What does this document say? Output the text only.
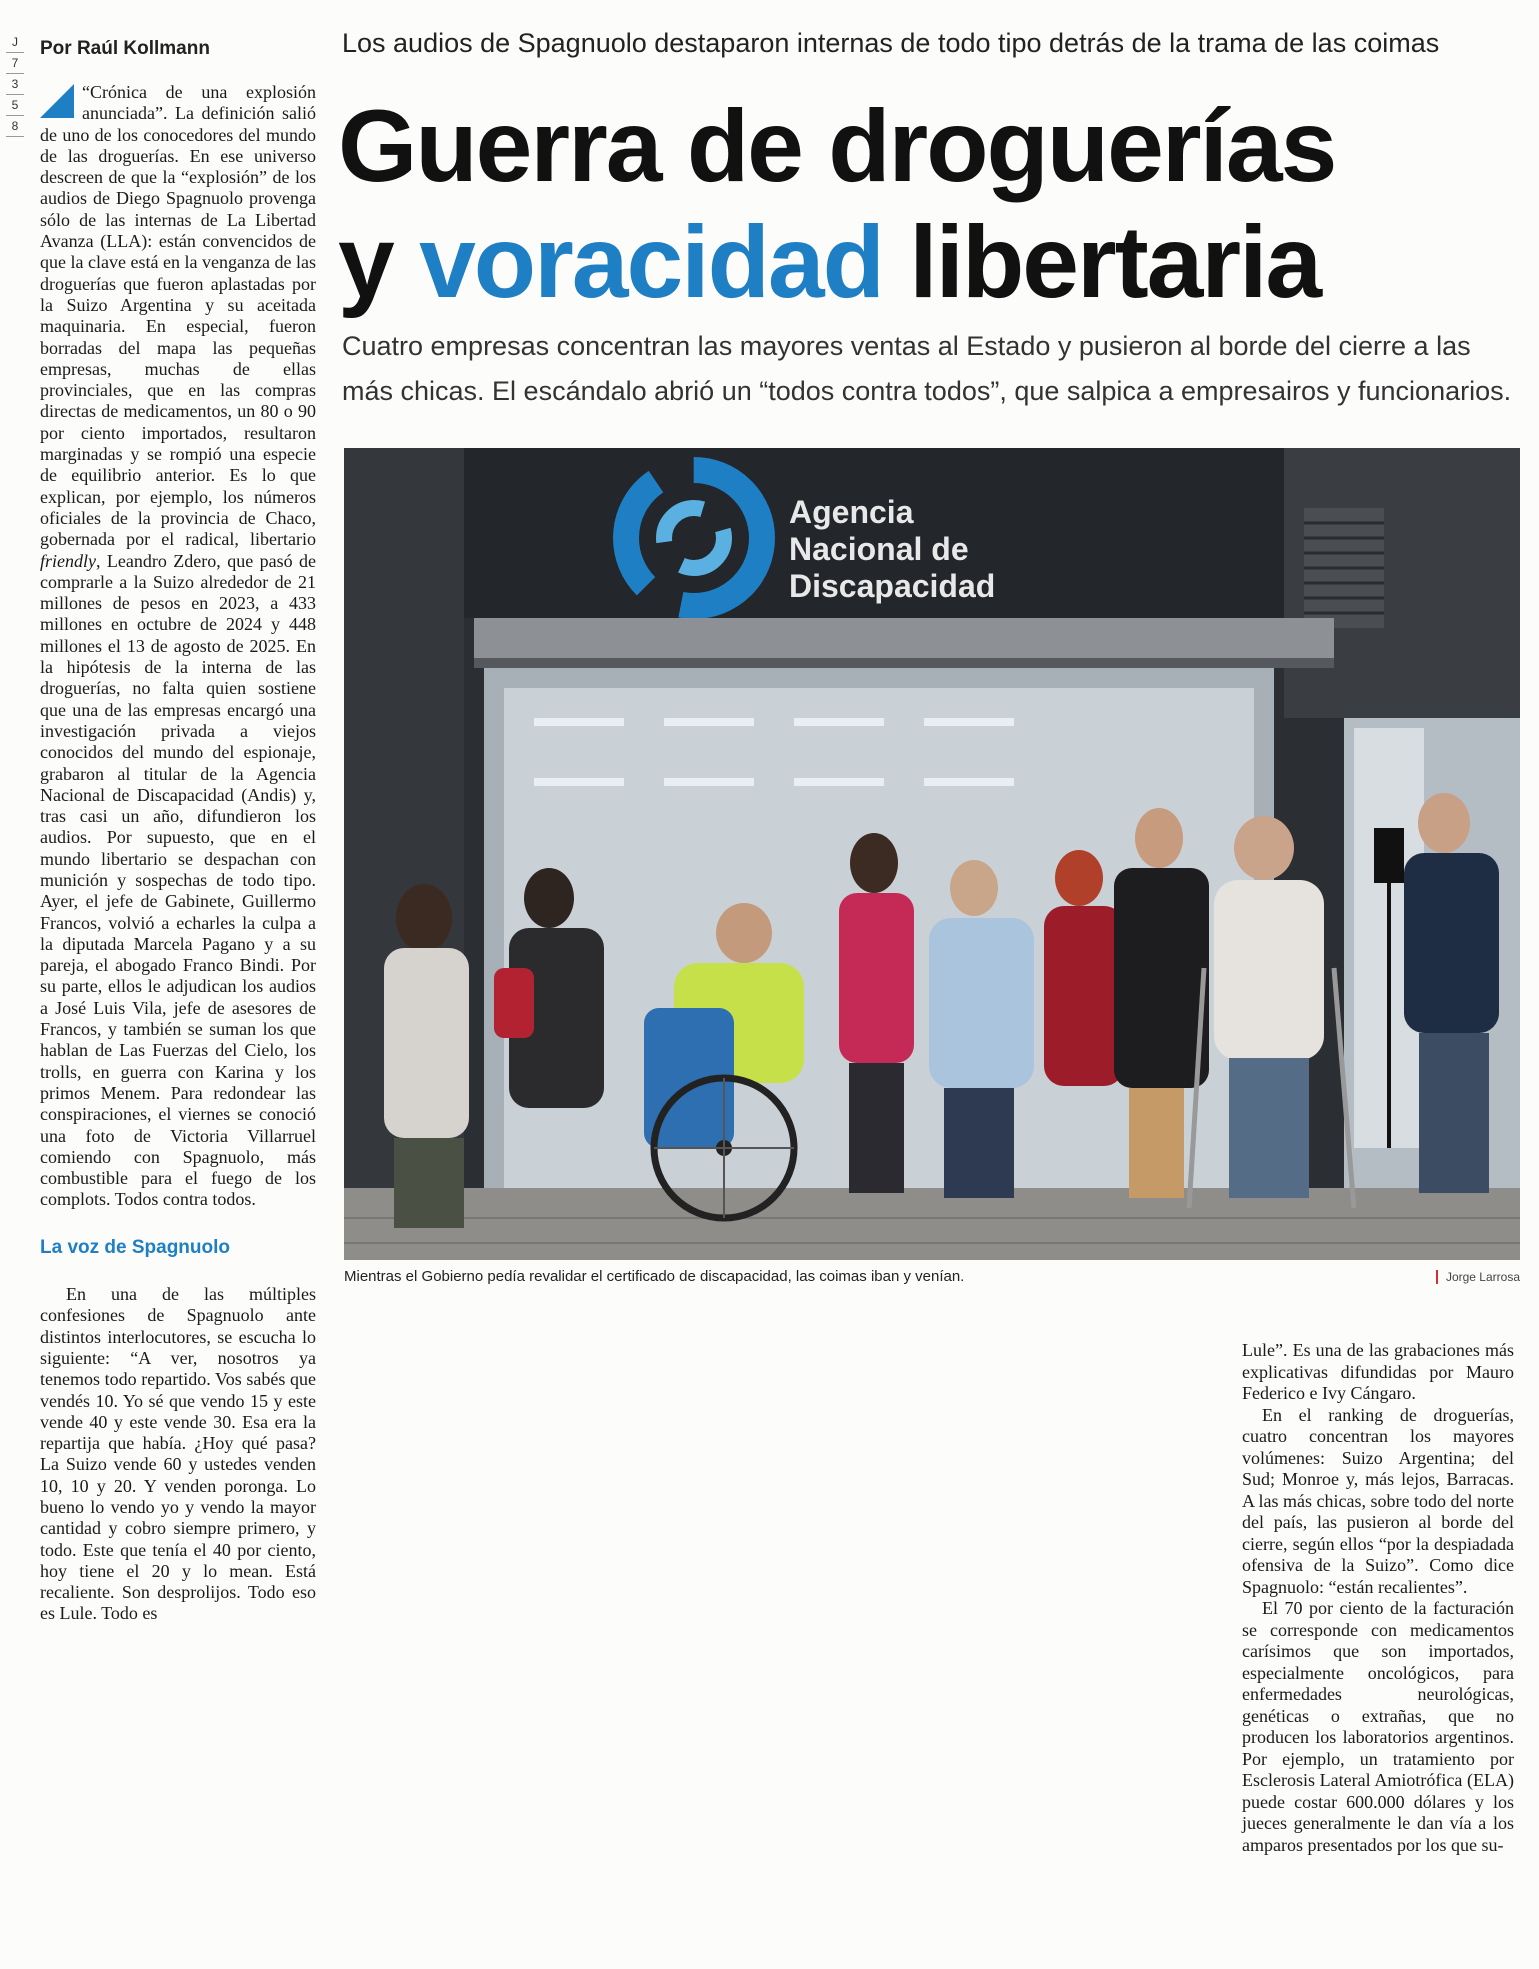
J
7
3
5
8
Por Raúl Kollmann

“Crónica de una explosión anunciada”. La definición salió de uno de los conocedores del mundo de las droguerías. En ese universo descreen de que la “explosión” de los audios de Diego Spagnuolo provenga sólo de las internas de La Libertad Avanza (LLA): están convencidos de que la clave está en la venganza de las droguerías que fueron aplastadas por la Suizo Argentina y su aceitada maquinaria. En especial, fueron borradas del mapa las pequeñas empresas, muchas de ellas provinciales, que en las compras directas de medicamentos, un 80 o 90 por ciento importados, resultaron marginadas y se rompió una especie de equilibrio anterior. Es lo que explican, por ejemplo, los números oficiales de la provincia de Chaco, gobernada por el radical, libertario friendly, Leandro Zdero, que pasó de comprarle a la Suizo alrededor de 21 millones de pesos en 2023, a 433 millones en octubre de 2024 y 448 millones el 13 de agosto de 2025. En la hipótesis de la interna de las droguerías, no falta quien sostiene que una de las empresas encargó una investigación privada a viejos conocidos del mundo del espionaje, grabaron al titular de la Agencia Nacional de Discapacidad (Andis) y, tras casi un año, difundieron los audios. Por supuesto, que en el mundo libertario se despachan con munición y sospechas de todo tipo. Ayer, el jefe de Gabinete, Guillermo Francos, volvió a echarles la culpa a la diputada Marcela Pagano y a su pareja, el abogado Franco Bindi. Por su parte, ellos le adjudican los audios a José Luis Vila, jefe de asesores de Francos, y también se suman los que hablan de Las Fuerzas del Cielo, los trolls, en guerra con Karina y los primos Menem. Para redondear las conspiraciones, el viernes se conoció una foto de Victoria Villarruel comiendo con Spagnuolo, más combustible para el fuego de los complots. Todos contra todos.

La voz de Spagnuolo

En una de las múltiples confesiones de Spagnuolo ante distintos interlocutores, se escucha lo siguiente: “A ver, nosotros ya tenemos todo repartido. Vos sabés que vendés 10. Yo sé que vendo 15 y este vende 40 y este vende 30. Esa era la repartija que había. ¿Hoy qué pasa? La Suizo vende 60 y ustedes venden 10, 10 y 20. Y venden poronga. Lo bueno lo vendo yo y vendo la mayor cantidad y cobro siempre primero, y todo. Este que tenía el 40 por ciento, hoy tiene el 20 y lo mean. Está recaliente. Son desprolijos. Todo eso es Lule. Todo es

Los audios de Spagnuolo destaparon internas de todo tipo detrás de la trama de las coimas
Guerra de droguerías
y voracidad libertaria
Cuatro empresas concentran las mayores ventas al Estado y pusieron al borde del cierre a las más chicas. El escándalo abrió un “todos contra todos”, que salpica a empresairos y funcionarios.
Agencia
Nacional de
Discapacidad
Mientras el Gobierno pedía revalidar el certificado de discapacidad, las coimas iban y venían.	Jorge Larrosa

Lule”. Es una de las grabaciones más explicativas difundidas por Mauro Federico e Ivy Cángaro.

En el ranking de droguerías, cuatro concentran los mayores volúmenes: Suizo Argentina; del Sud; Monroe y, más lejos, Barracas. A las más chicas, sobre todo del norte del país, las pusieron al borde del cierre, según ellos “por la despiadada ofensiva de la Suizo”. Como dice Spagnuolo: “están recalientes”.

El 70 por ciento de la facturación se corresponde con medicamentos carísimos que son importados, especialmente oncológicos, para enfermedades neurológicas, genéticas o extrañas, que no producen los laboratorios argentinos. Por ejemplo, un tratamiento por Esclerosis Lateral Amiotrófica (ELA) puede costar 600.000 dólares y los jueces generalmente le dan vía a los amparos presentados por los que su-
